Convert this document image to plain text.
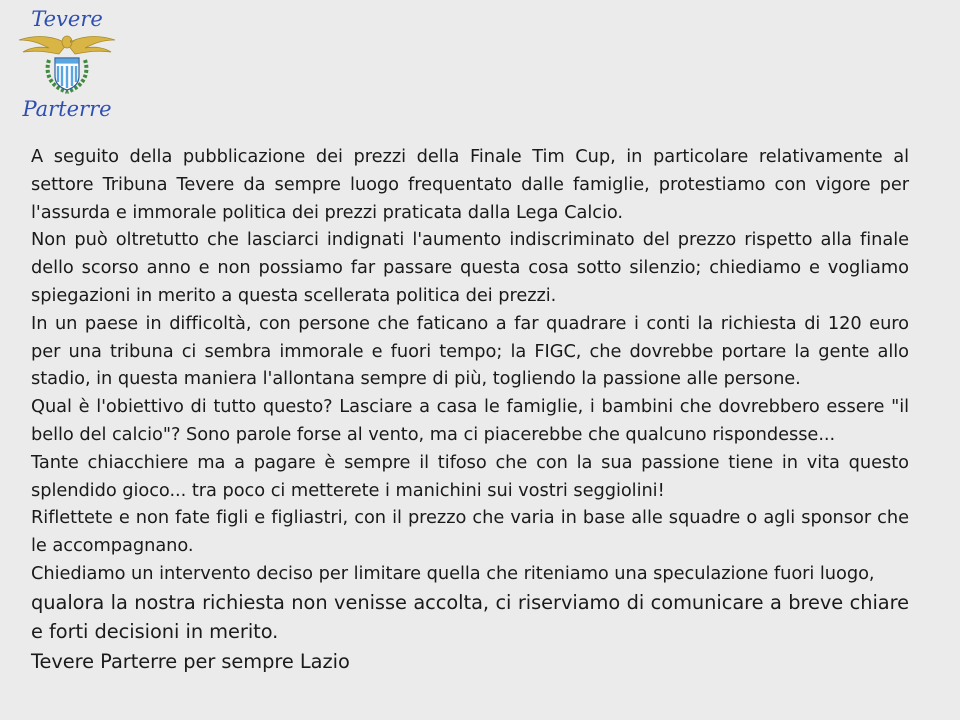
Tevere
Parterre

A seguito della pubblicazione dei prezzi della Finale Tim Cup, in particolare relativamente al settore Tribuna Tevere da sempre luogo frequentato dalle famiglie, protestiamo con vigore per l'assurda e immorale politica dei prezzi praticata dalla Lega Calcio.

Non può oltretutto che lasciarci indignati l'aumento indiscriminato del prezzo rispetto alla finale dello scorso anno e non possiamo far passare questa cosa sotto silenzio; chiediamo e vogliamo spiegazioni in merito a questa scellerata politica dei prezzi.

In un paese in difficoltà, con persone che faticano a far quadrare i conti la richiesta di 120 euro per una tribuna ci sembra immorale e fuori tempo; la FIGC, che dovrebbe portare la gente allo stadio, in questa maniera l'allontana sempre di più, togliendo la passione alle persone.

Qual è l'obiettivo di tutto questo? Lasciare a casa le famiglie, i bambini che dovrebbero essere "il bello del calcio"? Sono parole forse al vento, ma ci piacerebbe che qualcuno rispondesse...

Tante chiacchiere ma a pagare è sempre il tifoso che con la sua passione tiene in vita questo splendido gioco... tra poco ci metterete i manichini sui vostri seggiolini!

Riflettete e non fate figli e figliastri, con il prezzo che varia in base alle squadre o agli sponsor che le accompagnano.

Chiediamo un intervento deciso per limitare quella che riteniamo una speculazione fuori luogo,

qualora la nostra richiesta non venisse accolta, ci riserviamo di comunicare a breve chiare e forti decisioni in merito.

Tevere Parterre per sempre Lazio
